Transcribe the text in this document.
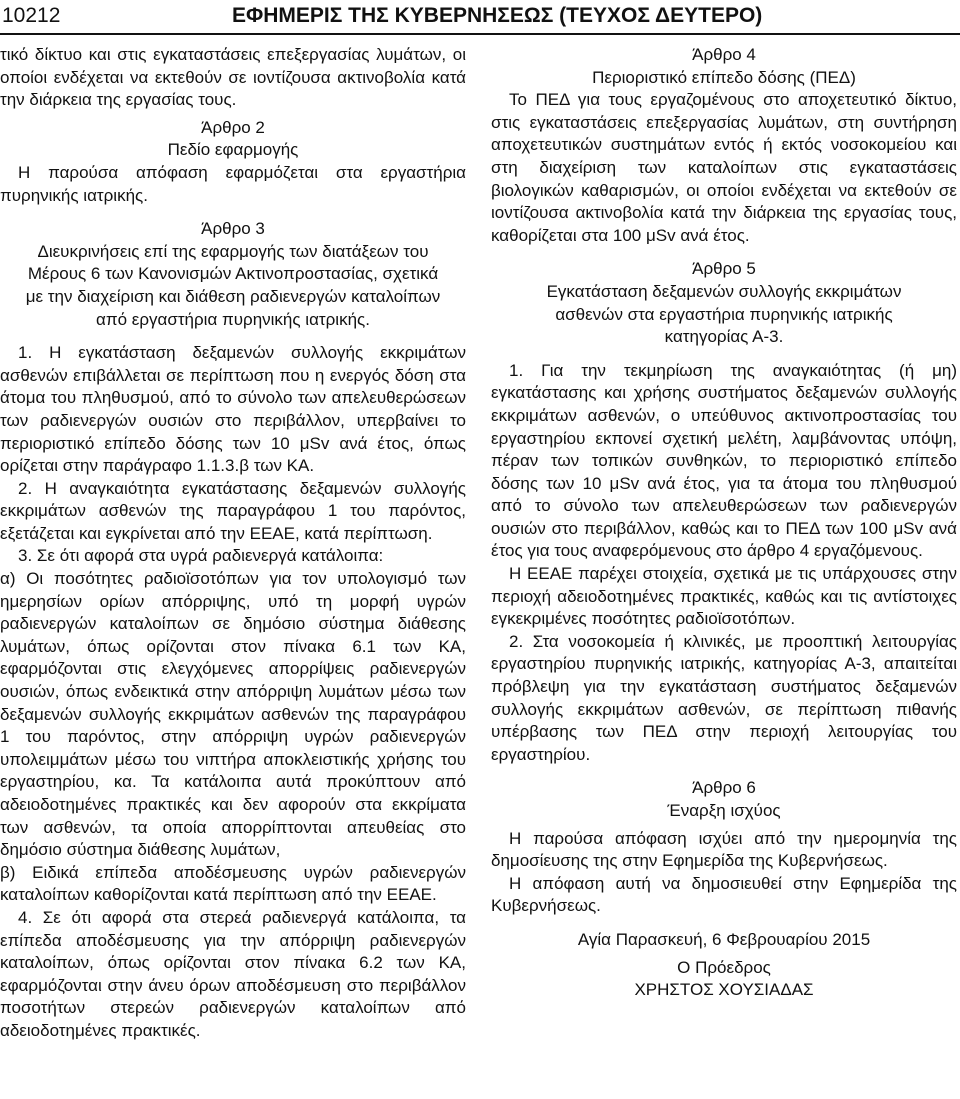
10212	ΕΦΗΜΕΡΙΣ ΤΗΣ ΚΥΒΕΡΝΗΣΕΩΣ (ΤΕΥΧΟΣ ΔΕΥΤΕΡΟ)

τικό δίκτυο και στις εγκαταστάσεις επεξεργασίας λυμάτων, οι οποίοι ενδέχεται να εκτεθούν σε ιοντίζουσα ακτινοβολία κατά την διάρκεια της εργασίας τους.

Άρθρο 2

Πεδίο εφαρμογής

Η παρούσα απόφαση εφαρμόζεται στα εργαστήρια πυρηνικής ιατρικής.

Άρθρο 3

Διευκρινήσεις επί της εφαρμογής των διατάξεων του Μέρους 6 των Κανονισμών Ακτινοπροστασίας, σχετικά με την διαχείριση και διάθεση ραδιενεργών καταλοίπων από εργαστήρια πυρηνικής ιατρικής.

1. Η εγκατάσταση δεξαμενών συλλογής εκκριμάτων ασθενών επιβάλλεται σε περίπτωση που η ενεργός δόση στα άτομα του πληθυσμού, από το σύνολο των απελευθερώσεων των ραδιενεργών ουσιών στο περιβάλλον, υπερβαίνει το περιοριστικό επίπεδο δόσης των 10 μSv ανά έτος, όπως ορίζεται στην παράγραφο 1.1.3.β των ΚΑ.

2. Η αναγκαιότητα εγκατάστασης δεξαμενών συλλογής εκκριμάτων ασθενών της παραγράφου 1 του παρόντος, εξετάζεται και εγκρίνεται από την ΕΕΑΕ, κατά περίπτωση.

3. Σε ότι αφορά στα υγρά ραδιενεργά κατάλοιπα:

α) Οι ποσότητες ραδιοϊσοτόπων για τον υπολογισμό των ημερησίων ορίων απόρριψης, υπό τη μορφή υγρών ραδιενεργών καταλοίπων σε δημόσιο σύστημα διάθεσης λυμάτων, όπως ορίζονται στον πίνακα 6.1 των ΚΑ, εφαρμόζονται στις ελεγχόμενες απορρίψεις ραδιενεργών ουσιών, όπως ενδεικτικά στην απόρριψη λυμάτων μέσω των δεξαμενών συλλογής εκκριμάτων ασθενών της παραγράφου 1 του παρόντος, στην απόρριψη υγρών ραδιενεργών υπολειμμάτων μέσω του νιπτήρα αποκλειστικής χρήσης του εργαστηρίου, κα. Τα κατάλοιπα αυτά προκύπτουν από αδειοδοτημένες πρακτικές και δεν αφορούν στα εκκρίματα των ασθενών, τα οποία απορρίπτονται απευθείας στο δημόσιο σύστημα διάθεσης λυμάτων,

β) Ειδικά επίπεδα αποδέσμευσης υγρών ραδιενεργών καταλοίπων καθορίζονται κατά περίπτωση από την ΕΕΑΕ.

4. Σε ότι αφορά στα στερεά ραδιενεργά κατάλοιπα, τα επίπεδα αποδέσμευσης για την απόρριψη ραδιενεργών καταλοίπων, όπως ορίζονται στον πίνακα 6.2 των ΚΑ, εφαρμόζονται στην άνευ όρων αποδέσμευση στο περιβάλλον ποσοτήτων στερεών ραδιενεργών καταλοίπων από αδειοδοτημένες πρακτικές.

Άρθρο 4

Περιοριστικό επίπεδο δόσης (ΠΕΔ)

Το ΠΕΔ για τους εργαζομένους στο αποχετευτικό δίκτυο, στις εγκαταστάσεις επεξεργασίας λυμάτων, στη συντήρηση αποχετευτικών συστημάτων εντός ή εκτός νοσοκομείου και στη διαχείριση των καταλοίπων στις εγκαταστάσεις βιολογικών καθαρισμών, οι οποίοι ενδέχεται να εκτεθούν σε ιοντίζουσα ακτινοβολία κατά την διάρκεια της εργασίας τους, καθορίζεται στα 100 μSv ανά έτος.

Άρθρο 5

Εγκατάσταση δεξαμενών συλλογής εκκριμάτων ασθενών στα εργαστήρια πυρηνικής ιατρικής κατηγορίας Α-3.

1. Για την τεκμηρίωση της αναγκαιότητας (ή μη) εγκατάστασης και χρήσης συστήματος δεξαμενών συλλογής εκκριμάτων ασθενών, ο υπεύθυνος ακτινοπροστασίας του εργαστηρίου εκπονεί σχετική μελέτη, λαμβάνοντας υπόψη, πέραν των τοπικών συνθηκών, το περιοριστικό επίπεδο δόσης των 10 μSv ανά έτος, για τα άτομα του πληθυσμού από το σύνολο των απελευθερώσεων των ραδιενεργών ουσιών στο περιβάλλον, καθώς και το ΠΕΔ των 100 μSv ανά έτος για τους αναφερόμενους στο άρθρο 4 εργαζόμενους.

Η ΕΕΑΕ παρέχει στοιχεία, σχετικά με τις υπάρχουσες στην περιοχή αδειοδοτημένες πρακτικές, καθώς και τις αντίστοιχες εγκεκριμένες ποσότητες ραδιοϊσοτόπων.

2. Στα νοσοκομεία ή κλινικές, με προοπτική λειτουργίας εργαστηρίου πυρηνικής ιατρικής, κατηγορίας Α-3, απαιτείται πρόβλεψη για την εγκατάσταση συστήματος δεξαμενών συλλογής εκκριμάτων ασθενών, σε περίπτωση πιθανής υπέρβασης των ΠΕΔ στην περιοχή λειτουργίας του εργαστηρίου.

Άρθρο 6

Έναρξη ισχύος

Η παρούσα απόφαση ισχύει από την ημερομηνία της δημοσίευσης της στην Εφημερίδα της Κυβερνήσεως.

Η απόφαση αυτή να δημοσιευθεί στην Εφημερίδα της Κυβερνήσεως.

Αγία Παρασκευή, 6 Φεβρουαρίου 2015

Ο Πρόεδρος

ΧΡΗΣΤΟΣ ΧΟΥΣΙΑΔΑΣ
